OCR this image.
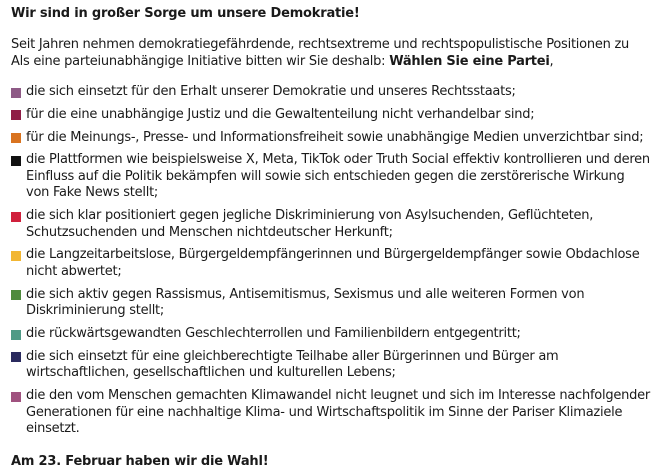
Wir sind in großer Sorge um unsere Demokratie!
Seit Jahren nehmen demokratiegefährdende, rechtsextreme und rechtspopulistische Positionen zu
Als eine parteiunabhängige Initiative bitten wir Sie deshalb: Wählen Sie eine Partei,
die sich einsetzt für den Erhalt unserer Demokratie und unseres Rechtsstaats;
für die eine unabhängige Justiz und die Gewaltenteilung nicht verhandelbar sind;
für die Meinungs-, Presse- und Informationsfreiheit sowie unabhängige Medien unverzichtbar sind;
die Plattformen wie beispielsweise X, Meta, TikTok oder Truth Social effektiv kontrollieren und deren Einfluss auf die Politik bekämpfen will sowie sich entschieden gegen die zerstörerische Wirkung von Fake News stellt;
die sich klar positioniert gegen jegliche Diskriminierung von Asylsuchenden, Geflüchteten, Schutzsuchenden und Menschen nichtdeutscher Herkunft;
die Langzeitarbeitslose, Bürgergeldempfängerinnen und Bürgergeldempfänger sowie Obdachlose nicht abwertet;
die sich aktiv gegen Rassismus, Antisemitismus, Sexismus und alle weiteren Formen von Diskriminierung stellt;
die rückwärtsgewandten Geschlechterrollen und Familienbildern entgegentritt;
die sich einsetzt für eine gleichberechtigte Teilhabe aller Bürgerinnen und Bürger am wirtschaftlichen, gesellschaftlichen und kulturellen Lebens;
die den vom Menschen gemachten Klimawandel nicht leugnet und sich im Interesse nachfolgender Generationen für eine nachhaltige Klima- und Wirtschaftspolitik im Sinne der Pariser Klimaziele einsetzt.
Am 23. Februar haben wir die Wahl!
